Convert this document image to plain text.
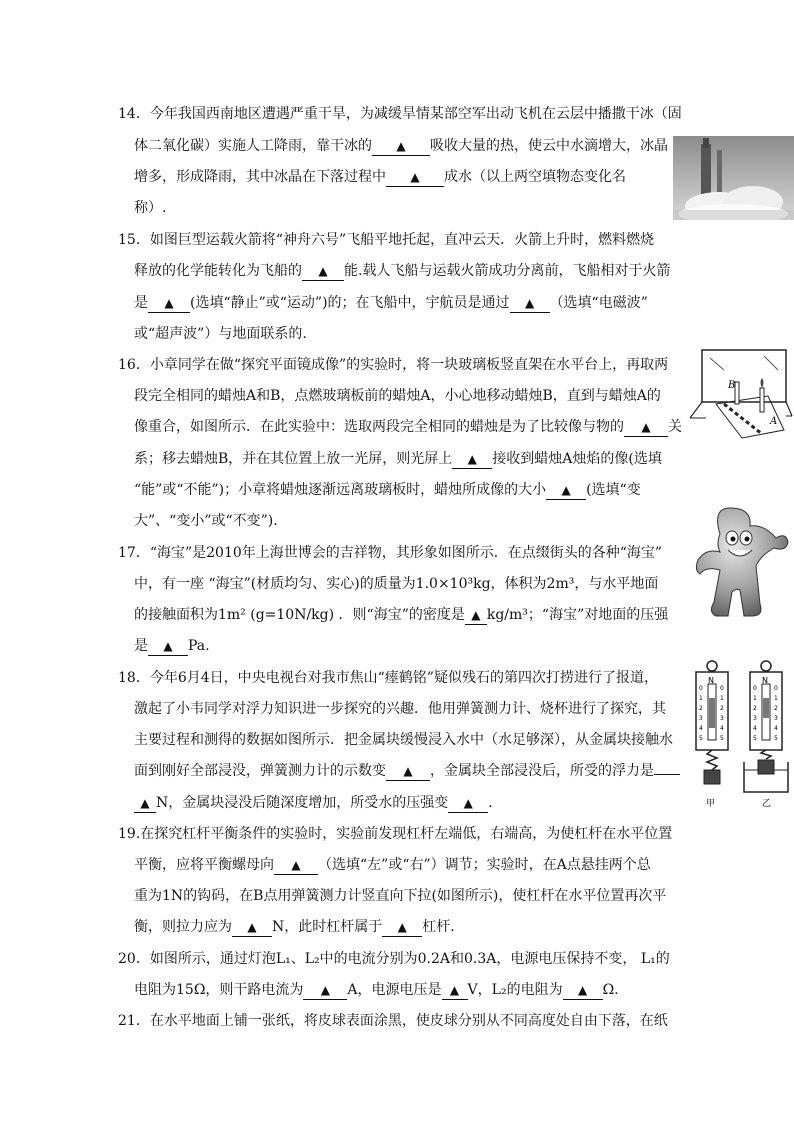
14．今年我国西南地区遭遇严重干旱，为减缓旱情某部空军出动飞机在云层中播撒干冰（固
体二氧化碳）实施人工降雨，靠干冰的 ▲ 吸收大量的热，使云中水滴增大，冰晶
增多，形成降雨，其中冰晶在下落过程中 ▲ 成水（以上两空填物态变化名
称）.
15．如图巨型运载火箭将“神舟六号”飞船平地托起，直冲云天．火箭上升时，燃料燃烧
释放的化学能转化为飞船的 ▲ 能.载人飞船与运载火箭成功分离前，飞船相对于火箭
是 ▲ (选填“静止”或“运动”)的；在飞船中，宇航员是通过 ▲ （选填“电磁波”
或“超声波”）与地面联系的.
16．小章同学在做“探究平面镜成像”的实验时，将一块玻璃板竖直架在水平台上，再取两
段完全相同的蜡烛A和B，点燃玻璃板前的蜡烛A，小心地移动蜡烛B，直到与蜡烛A的
像重合，如图所示．在此实验中：选取两段完全相同的蜡烛是为了比较像与物的 ▲ 关
系；移去蜡烛B，并在其位置上放一光屏，则光屏上 ▲ 接收到蜡烛A烛焰的像(选填
“能”或“不能”)；小章将蜡烛逐渐远离玻璃板时，蜡烛所成像的大小 ▲ (选填“变
大”、“变小”或“不变”).
B
A
17．“海宝”是2010年上海世博会的吉祥物，其形象如图所示．在点缀街头的各种“海宝”
中，有一座 “海宝”(材质均匀、实心)的质量为1.0×10³kg，体积为2m³，与水平地面
的接触面积为1m² (g=10N/kg) ．则“海宝”的密度是 ▲ kg/m³；“海宝”对地面的压强
是 ▲ Pa.
18．今年6月4日，中央电视台对我市焦山“瘗鹤铭”疑似残石的第四次打捞进行了报道，
激起了小韦同学对浮力知识进一步探究的兴趣．他用弹簧测力计、烧杯进行了探究，其
主要过程和测得的数据如图所示．把金属块缓慢浸入水中（水足够深），从金属块接触水
面到刚好全部浸没，弹簧测力计的示数变 ▲ ，金属块全部浸没后，所受的浮力是
▲ N，金属块浸没后随深度增加，所受水的压强变 ▲ .
N
0
1
2
3
4
5
0
1
2
3
4
5
甲
N
0
1
2
3
4
5
0
1
2
3
4
5
乙
19.在探究杠杆平衡条件的实验时，实验前发现杠杆左端低，右端高，为使杠杆在水平位置
平衡，应将平衡螺母向 ▲ （选填“左”或“右”）调节；实验时，在A点悬挂两个总
重为1N的钩码，在B点用弹簧测力计竖直向下拉(如图所示)，使杠杆在水平位置再次平
衡，则拉力应为 ▲ N，此时杠杆属于 ▲ 杠杆.
20．如图所示，通过灯泡L₁、L₂中的电流分别为0.2A和0.3A，电源电压保持不变， L₁的
电阻为15Ω，则干路电流为 ▲ A，电源电压是 ▲ V，L₂的电阻为 ▲ Ω.
21．在水平地面上铺一张纸，将皮球表面涂黑，使皮球分别从不同高度处自由下落，在纸
